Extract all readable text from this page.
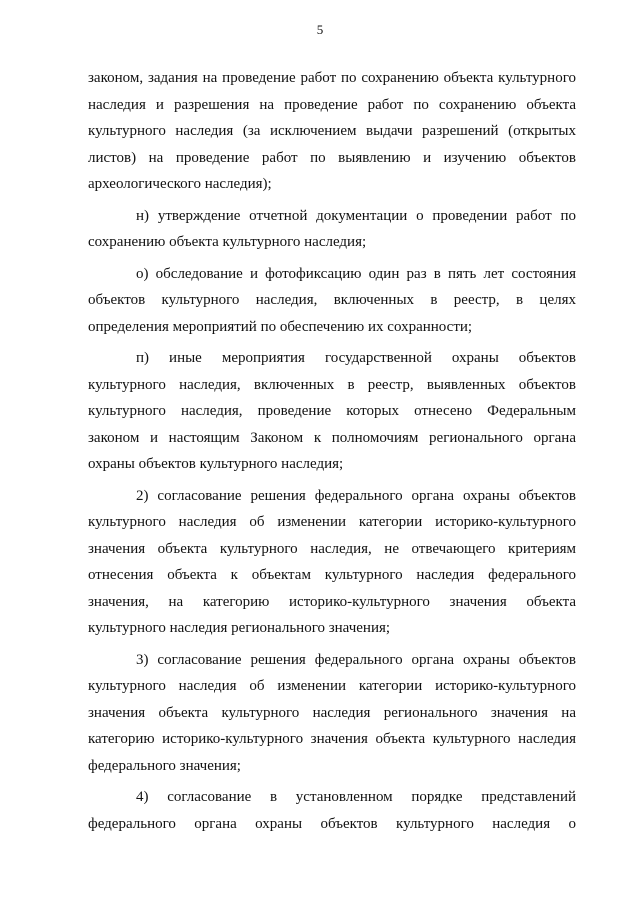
5
законом, задания на проведение работ по сохранению объекта культурного
наследия и разрешения на проведение работ по сохранению объекта
культурного наследия (за исключением выдачи разрешений (открытых
листов) на проведение работ по выявлению и изучению объектов
археологического наследия);
н) утверждение отчетной документации о проведении работ по
сохранению объекта культурного наследия;
о) обследование и фотофиксацию один раз в пять лет состояния
объектов культурного наследия, включенных в реестр, в целях
определения мероприятий по обеспечению их сохранности;
п) иные мероприятия государственной охраны объектов
культурного наследия, включенных в реестр, выявленных объектов
культурного наследия, проведение которых отнесено Федеральным
законом и настоящим Законом к полномочиям регионального органа
охраны объектов культурного наследия;
2) согласование решения федерального органа охраны объектов
культурного наследия об изменении категории историко-культурного
значения объекта культурного наследия, не отвечающего критериям
отнесения объекта к объектам культурного наследия федерального
значения, на категорию историко-культурного значения объекта
культурного наследия регионального значения;
3) согласование решения федерального органа охраны объектов
культурного наследия об изменении категории историко-культурного
значения объекта культурного наследия регионального значения на
категорию историко-культурного значения объекта культурного наследия
федерального значения;
4) согласование в установленном порядке представлений
федерального органа охраны объектов культурного наследия о
